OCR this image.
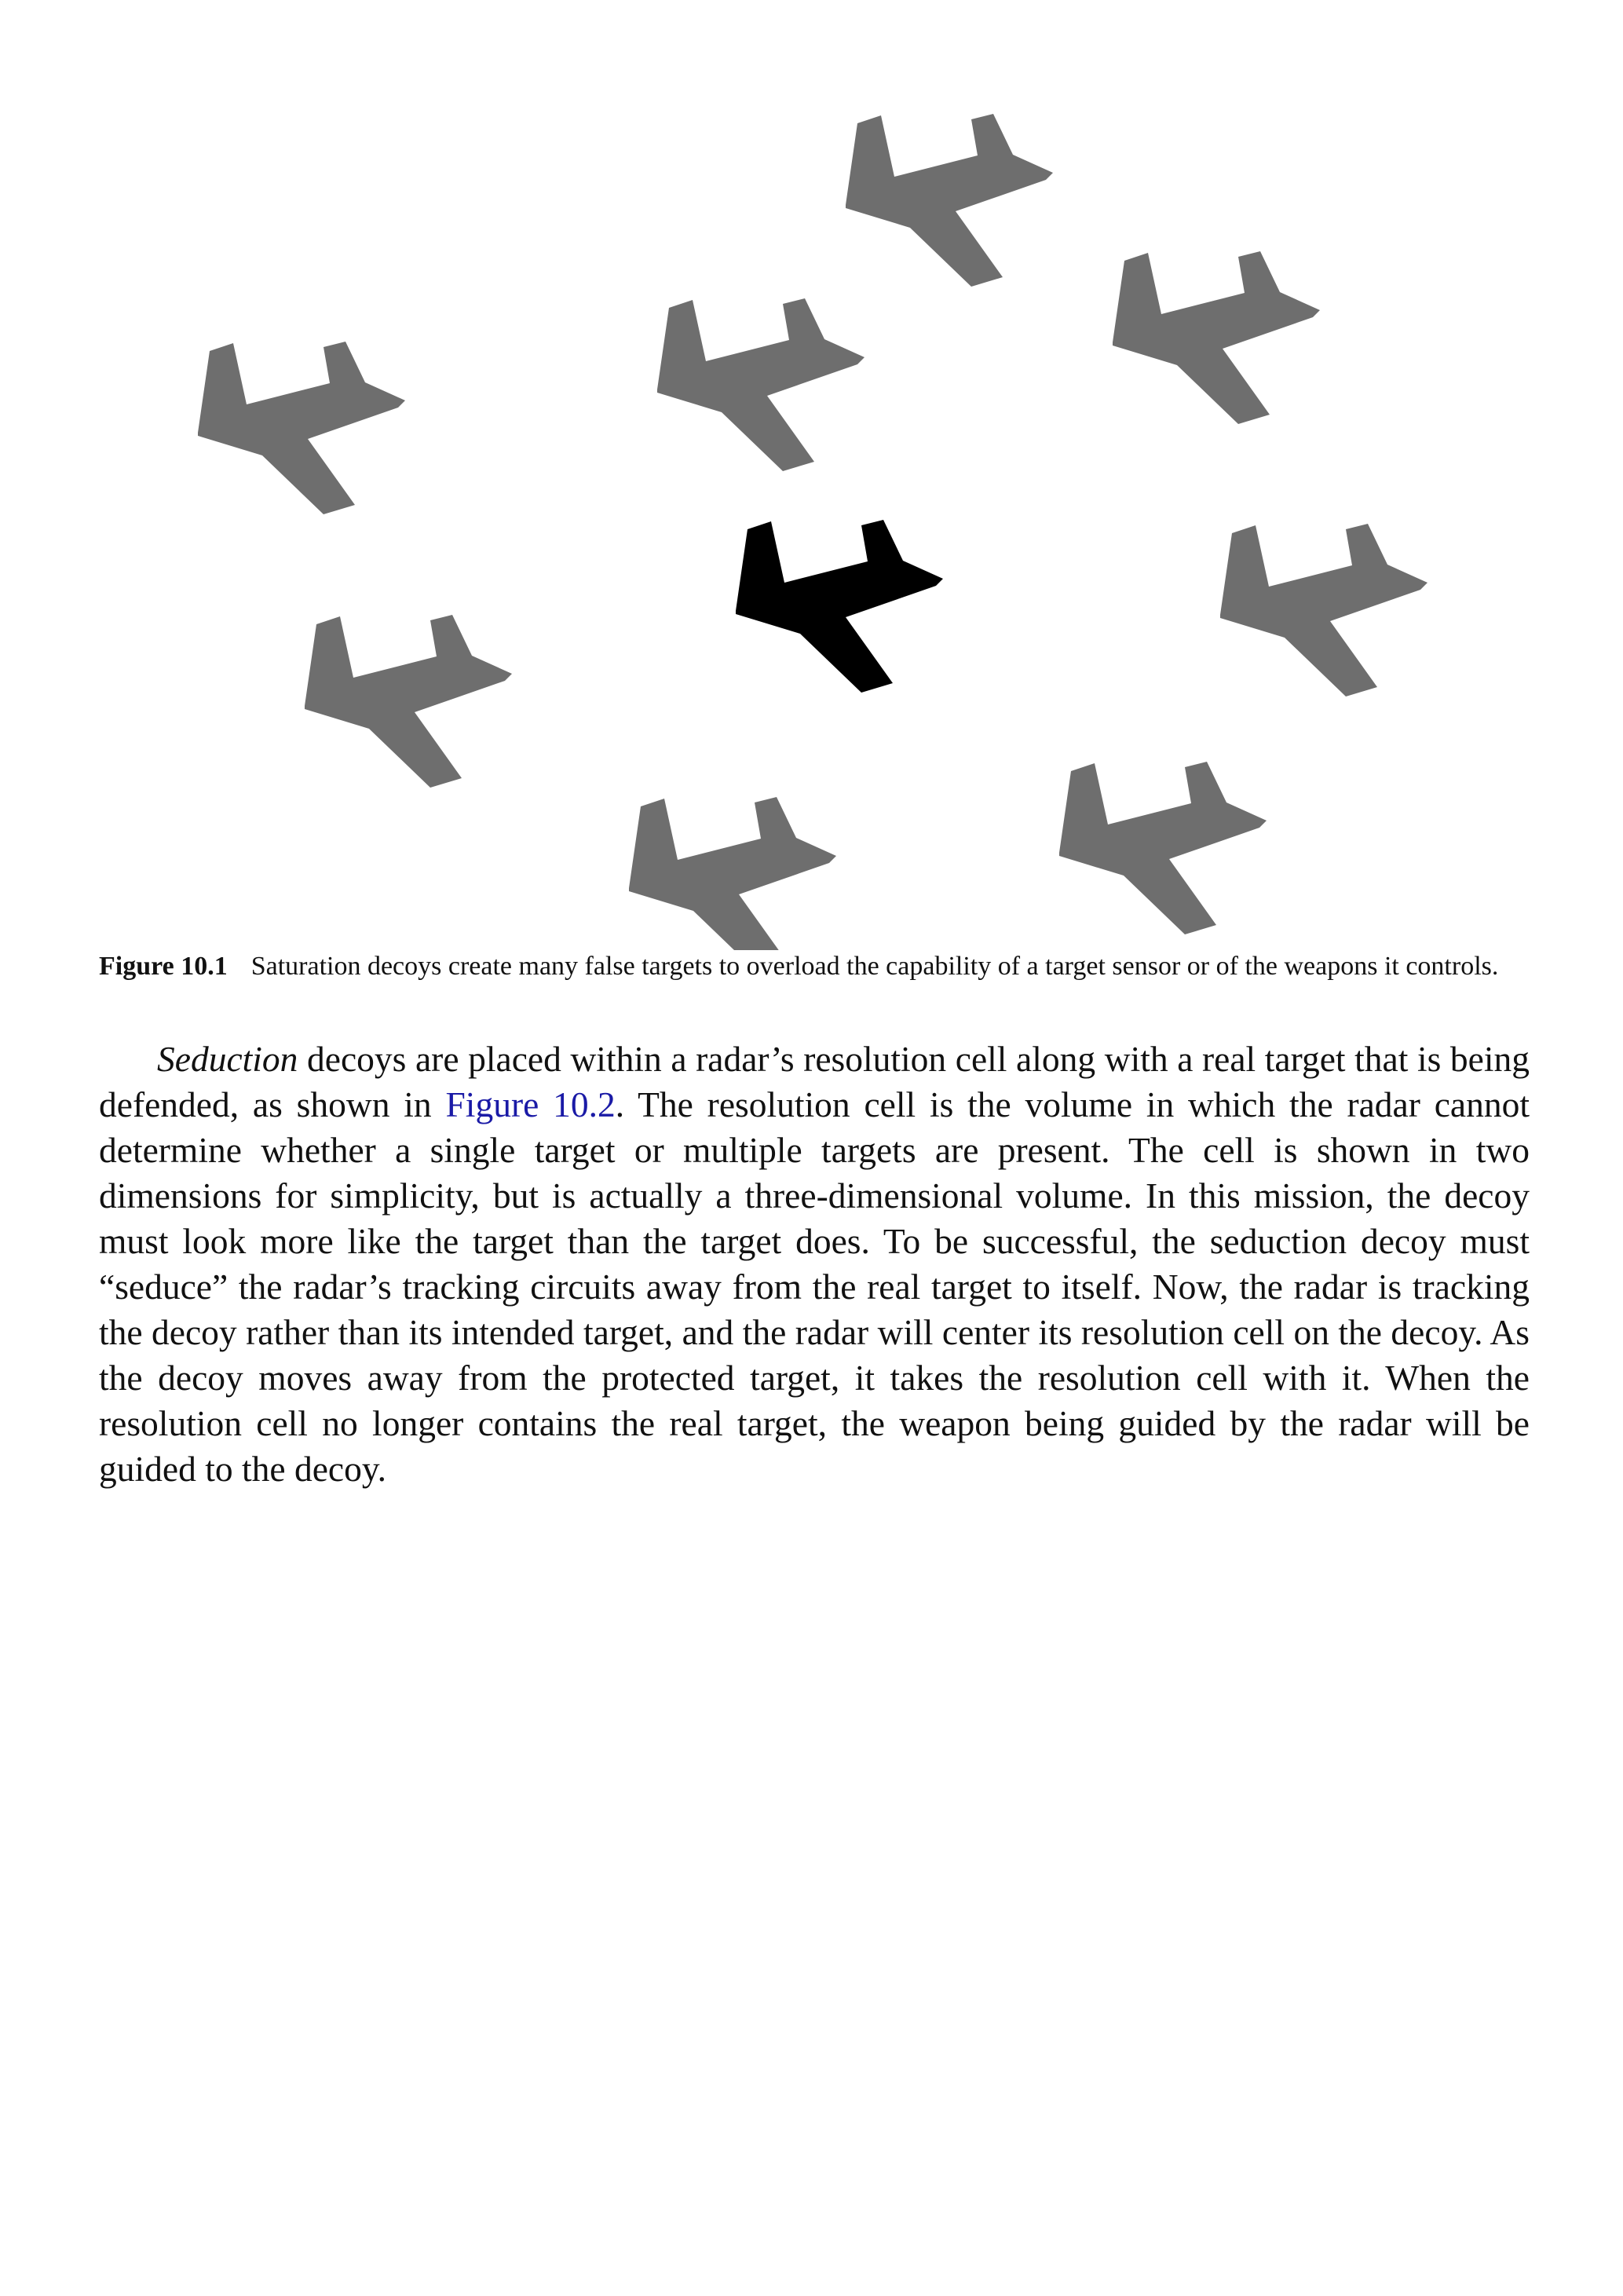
Figure 10.1 Saturation decoys create many false targets to overload the capability of a target sensor or of the weapons it controls.

Seduction decoys are placed within a radar’s resolution cell along with a real target that is being defended, as shown in Figure 10.2. The resolution cell is the volume in which the radar cannot determine whether a single target or multiple targets are present. The cell is shown in two dimensions for simplicity, but is actually a three-dimensional volume. In this mission, the decoy must look more like the target than the target does. To be successful, the seduction decoy must “seduce” the radar’s tracking circuits away from the real target to itself. Now, the radar is tracking the decoy rather than its intended target, and the radar will center its resolution cell on the decoy. As the decoy moves away from the protected target, it takes the resolution cell with it. When the resolution cell no longer contains the real target, the weapon being guided by the radar will be guided to the decoy.
